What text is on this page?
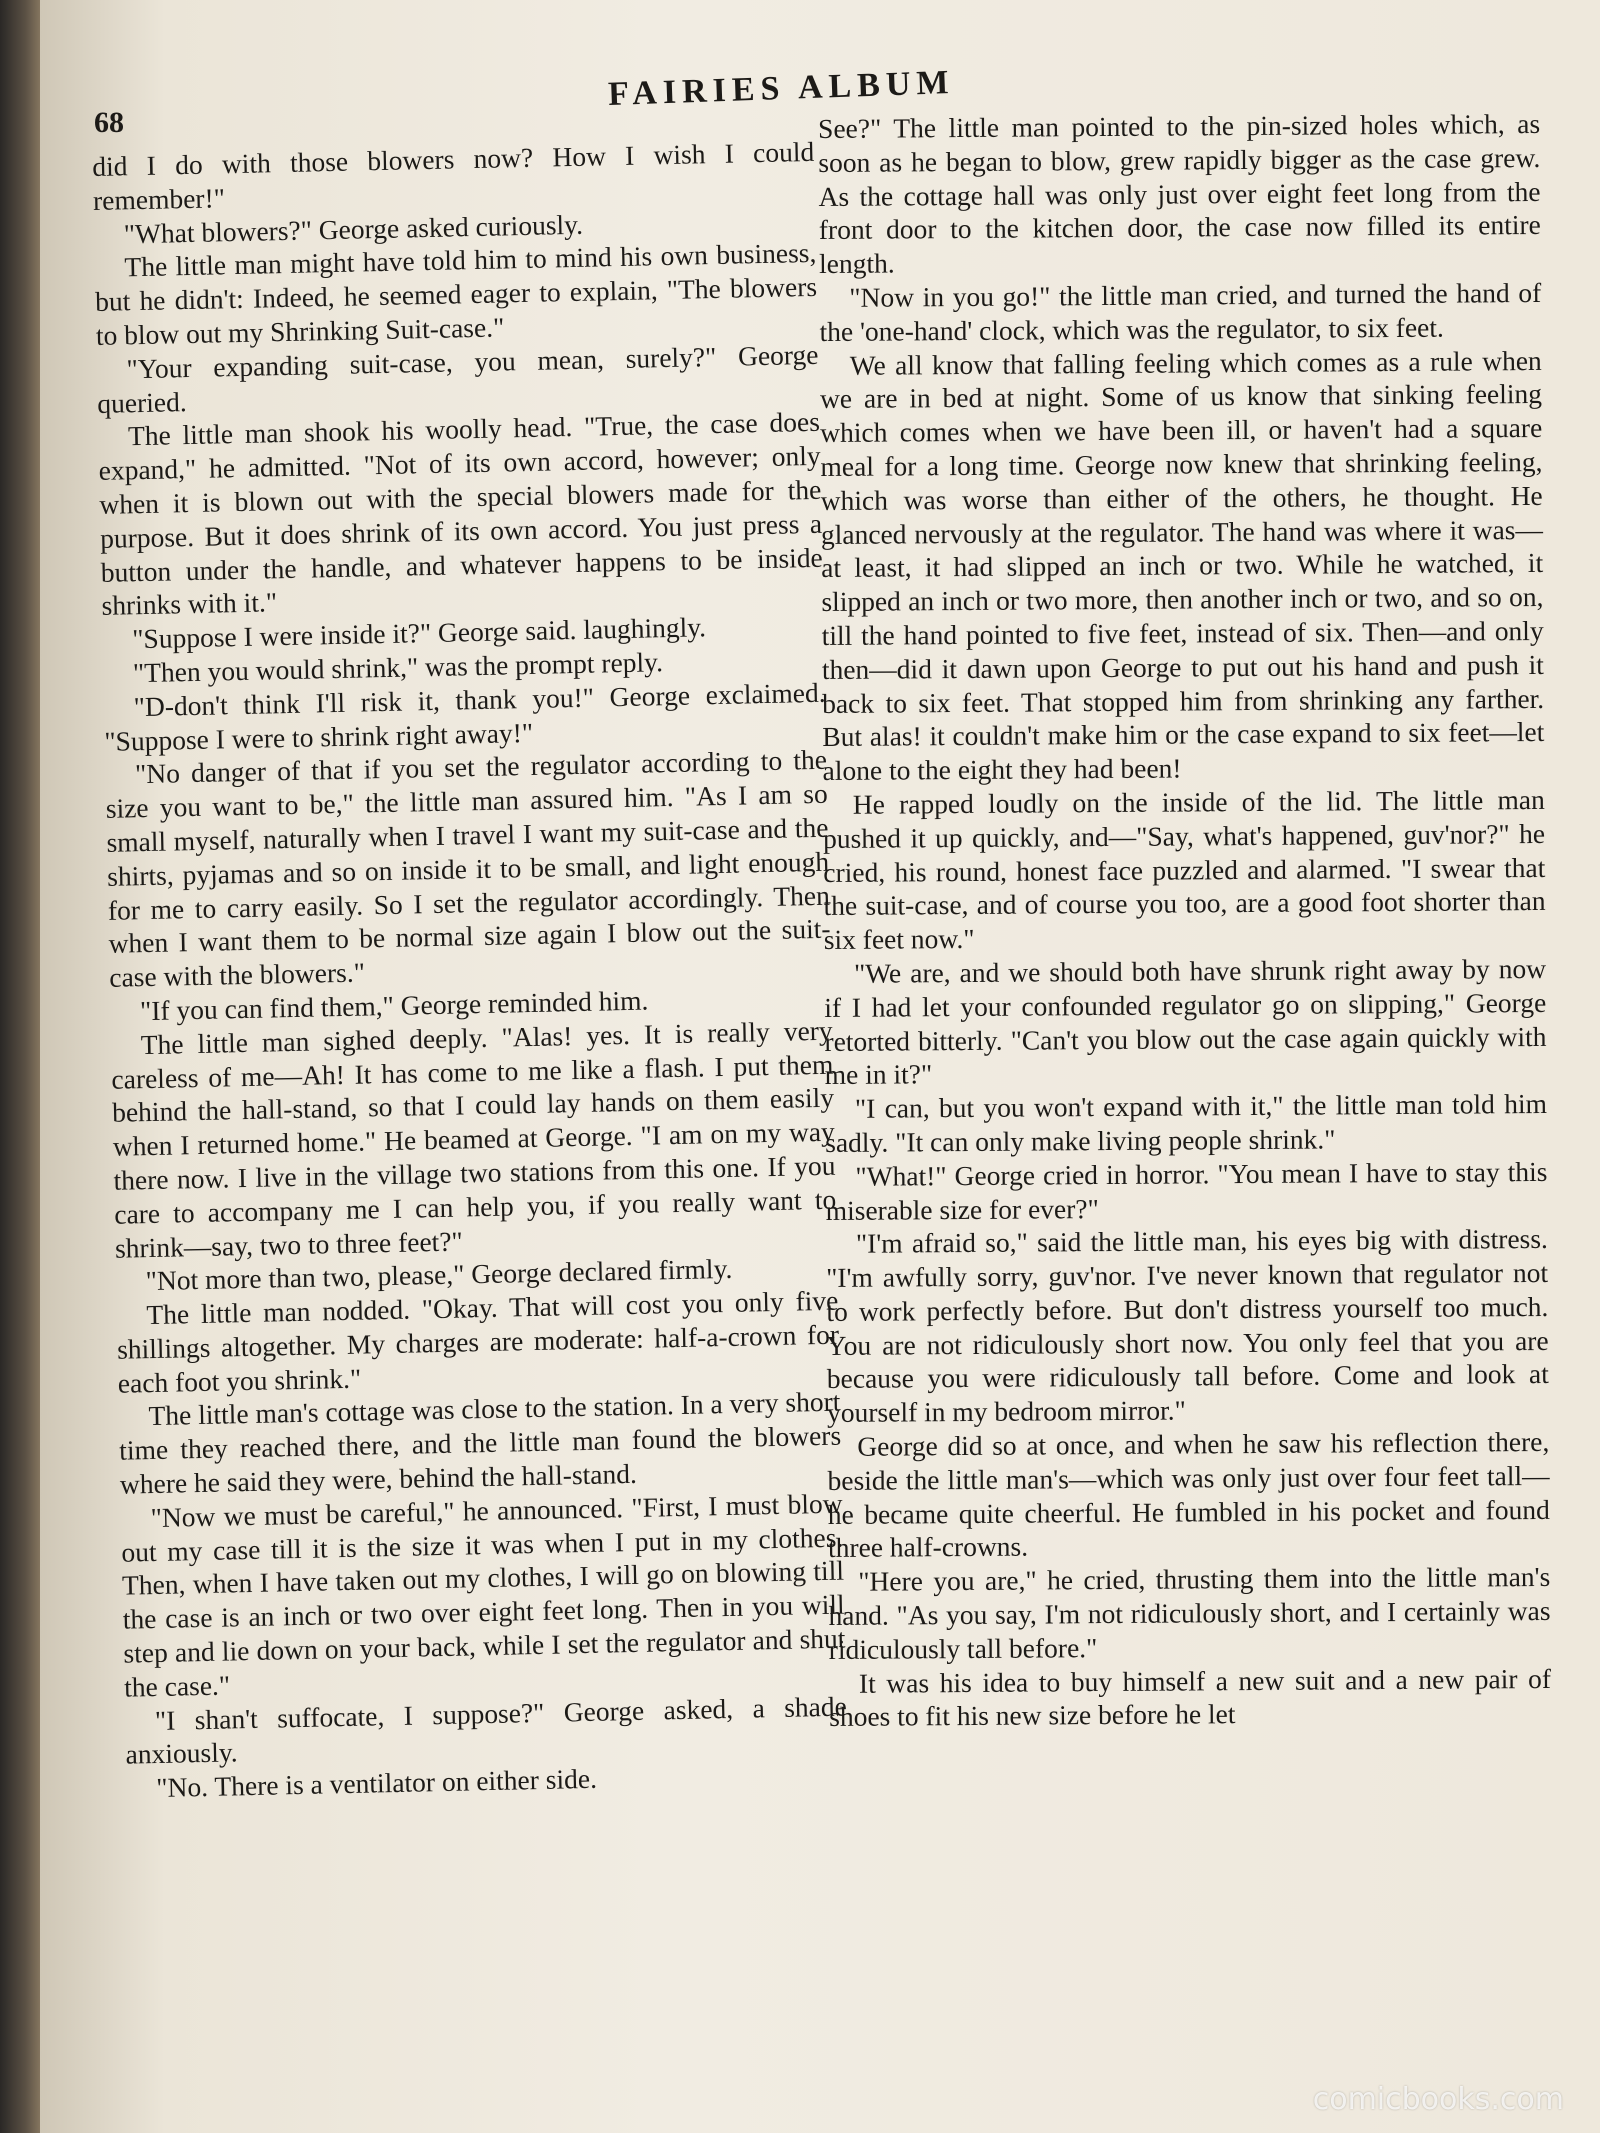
68
FAIRIES ALBUM

did I do with those blowers now? How I wish I could remember!"

"What blowers?" George asked curiously.

The little man might have told him to mind his own business, but he didn't: Indeed, he seemed eager to explain, "The blowers to blow out my Shrinking Suit-case."

"Your expanding suit-case, you mean, surely?" George queried.

The little man shook his woolly head. "True, the case does expand," he admitted. "Not of its own accord, however; only when it is blown out with the special blowers made for the purpose. But it does shrink of its own accord. You just press a button under the handle, and whatever happens to be inside shrinks with it."

"Suppose I were inside it?" George said. laughingly.

"Then you would shrink," was the prompt reply.

"D-don't think I'll risk it, thank you!" George exclaimed. "Suppose I were to shrink right away!"

"No danger of that if you set the regulator according to the size you want to be," the little man assured him. "As I am so small myself, naturally when I travel I want my suit-case and the shirts, pyjamas and so on inside it to be small, and light enough for me to carry easily. So I set the regulator accordingly. Then when I want them to be normal size again I blow out the suit-case with the blowers."

"If you can find them," George reminded him.

The little man sighed deeply. "Alas! yes. It is really very careless of me—Ah! It has come to me like a flash. I put them behind the hall-stand, so that I could lay hands on them easily when I returned home." He beamed at George. "I am on my way there now. I live in the village two stations from this one. If you care to accompany me I can help you, if you really want to shrink—say, two to three feet?"

"Not more than two, please," George declared firmly.

The little man nodded. "Okay. That will cost you only five shillings altogether. My charges are moderate: half-a-crown for each foot you shrink."

The little man's cottage was close to the station. In a very short time they reached there, and the little man found the blowers where he said they were, behind the hall-stand.

"Now we must be careful," he announced. "First, I must blow out my case till it is the size it was when I put in my clothes. Then, when I have taken out my clothes, I will go on blowing till the case is an inch or two over eight feet long. Then in you will step and lie down on your back, while I set the regulator and shut the case."

"I shan't suffocate, I suppose?" George asked, a shade anxiously.

"No. There is a ventilator on either side.

See?" The little man pointed to the pin-sized holes which, as soon as he began to blow, grew rapidly bigger as the case grew. As the cottage hall was only just over eight feet long from the front door to the kitchen door, the case now filled its entire length.

"Now in you go!" the little man cried, and turned the hand of the 'one-hand' clock, which was the regulator, to six feet.

We all know that falling feeling which comes as a rule when we are in bed at night. Some of us know that sinking feeling which comes when we have been ill, or haven't had a square meal for a long time. George now knew that shrinking feeling, which was worse than either of the others, he thought. He glanced nervously at the regulator. The hand was where it was—at least, it had slipped an inch or two. While he watched, it slipped an inch or two more, then another inch or two, and so on, till the hand pointed to five feet, instead of six. Then—and only then—did it dawn upon George to put out his hand and push it back to six feet. That stopped him from shrinking any farther. But alas! it couldn't make him or the case expand to six feet—let alone to the eight they had been!

He rapped loudly on the inside of the lid. The little man pushed it up quickly, and—"Say, what's happened, guv'nor?" he cried, his round, honest face puzzled and alarmed. "I swear that the suit-case, and of course you too, are a good foot shorter than six feet now."

"We are, and we should both have shrunk right away by now if I had let your confounded regulator go on slipping," George retorted bitterly. "Can't you blow out the case again quickly with me in it?"

"I can, but you won't expand with it," the little man told him sadly. "It can only make living people shrink."

"What!" George cried in horror. "You mean I have to stay this miserable size for ever?"

"I'm afraid so," said the little man, his eyes big with distress. "I'm awfully sorry, guv'nor. I've never known that regulator not to work perfectly before. But don't distress yourself too much. You are not ridiculously short now. You only feel that you are because you were ridiculously tall before. Come and look at yourself in my bedroom mirror."

George did so at once, and when he saw his reflection there, beside the little man's—which was only just over four feet tall—he became quite cheerful. He fumbled in his pocket and found three half-crowns.

"Here you are," he cried, thrusting them into the little man's hand. "As you say, I'm not ridiculously short, and I certainly was ridiculously tall before."

It was his idea to buy himself a new suit and a new pair of shoes to fit his new size before he let

comicbooks.com
